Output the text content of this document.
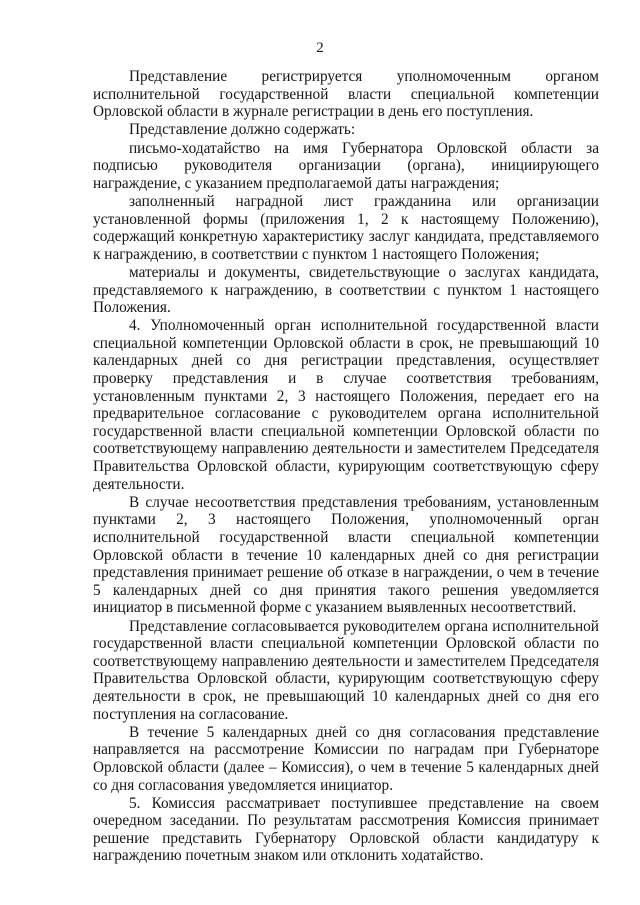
2

Представление регистрируется уполномоченным органом исполнительной государственной власти специальной компетенции Орловской области в журнале регистрации в день его поступления.

Представление должно содержать:

письмо-ходатайство на имя Губернатора Орловской области за подписью руководителя организации (органа), инициирующего награждение, с указанием предполагаемой даты награждения;

заполненный наградной лист гражданина или организации установленной формы (приложения 1, 2 к настоящему Положению), содержащий конкретную характеристику заслуг кандидата, представляемого к награждению, в соответствии с пунктом 1 настоящего Положения;

материалы и документы, свидетельствующие о заслугах кандидата, представляемого к награждению, в соответствии с пунктом 1 настоящего Положения.

4. Уполномоченный орган исполнительной государственной власти специальной компетенции Орловской области в срок, не превышающий 10 календарных дней со дня регистрации представления, осуществляет проверку представления и в случае соответствия требованиям, установленным пунктами 2, 3 настоящего Положения, передает его на предварительное согласование с руководителем органа исполнительной государственной власти специальной компетенции Орловской области по соответствующему направлению деятельности и заместителем Председателя Правительства Орловской области, курирующим соответствующую сферу деятельности.

В случае несоответствия представления требованиям, установленным пунктами 2, 3 настоящего Положения, уполномоченный орган исполнительной государственной власти специальной компетенции Орловской области в течение 10 календарных дней со дня регистрации представления принимает решение об отказе в награждении, о чем в течение 5 календарных дней со дня принятия такого решения уведомляется инициатор в письменной форме с указанием выявленных несоответствий.

Представление согласовывается руководителем органа исполнительной государственной власти специальной компетенции Орловской области по соответствующему направлению деятельности и заместителем Председателя Правительства Орловской области, курирующим соответствующую сферу деятельности в срок, не превышающий 10 календарных дней со дня его поступления на согласование.

В течение 5 календарных дней со дня согласования представление направляется на рассмотрение Комиссии по наградам при Губернаторе Орловской области (далее – Комиссия), о чем в течение 5 календарных дней со дня согласования уведомляется инициатор.

5. Комиссия рассматривает поступившее представление на своем очередном заседании. По результатам рассмотрения Комиссия принимает решение представить Губернатору Орловской области кандидатуру к награждению почетным знаком или отклонить ходатайство.
